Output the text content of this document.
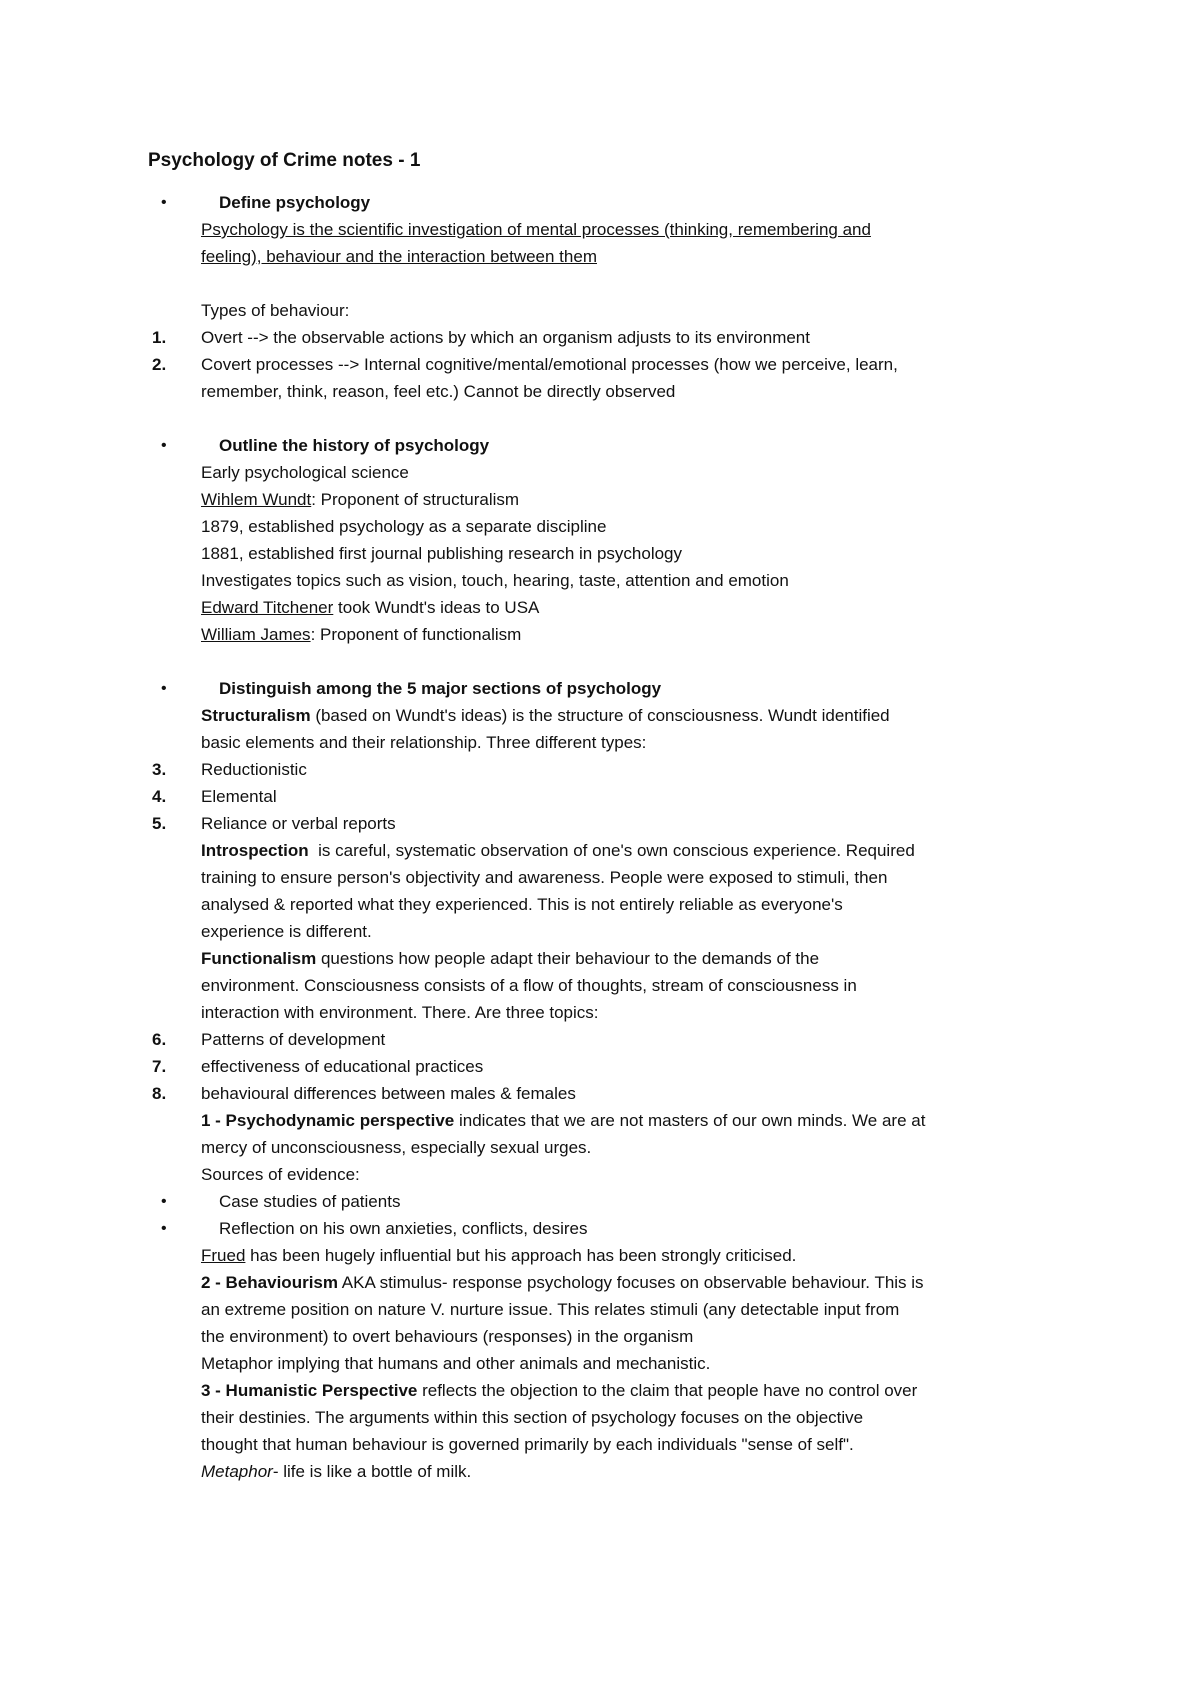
Psychology of Crime notes - 1
•	Define psychology
Psychology is the scientific investigation of mental processes (thinking, remembering and
feeling), behaviour and the interaction between them
Types of behaviour:
1. Overt --> the observable actions by which an organism adjusts to its environment
2. Covert processes --> Internal cognitive/mental/emotional processes (how we perceive, learn,
remember, think, reason, feel etc.) Cannot be directly observed
•	Outline the history of psychology
Early psychological science
Wihlem Wundt: Proponent of structuralism
1879, established psychology as a separate discipline
1881, established first journal publishing research in psychology
Investigates topics such as vision, touch, hearing, taste, attention and emotion
Edward Titchener took Wundt's ideas to USA
William James: Proponent of functionalism
•	Distinguish among the 5 major sections of psychology
Structuralism (based on Wundt's ideas) is the structure of consciousness. Wundt identified
basic elements and their relationship. Three different types:
3. Reductionistic
4. Elemental
5. Reliance or verbal reports
Introspection  is careful, systematic observation of one's own conscious experience. Required
training to ensure person's objectivity and awareness. People were exposed to stimuli, then
analysed & reported what they experienced. This is not entirely reliable as everyone's
experience is different.
Functionalism questions how people adapt their behaviour to the demands of the
environment. Consciousness consists of a flow of thoughts, stream of consciousness in
interaction with environment. There. Are three topics:
6. Patterns of development
7. effectiveness of educational practices
8. behavioural differences between males & females
1 - Psychodynamic perspective indicates that we are not masters of our own minds. We are at
mercy of unconsciousness, especially sexual urges.
Sources of evidence:
•	Case studies of patients
•	Reflection on his own anxieties, conflicts, desires
Frued has been hugely influential but his approach has been strongly criticised.
2 - Behaviourism AKA stimulus- response psychology focuses on observable behaviour. This is
an extreme position on nature V. nurture issue. This relates stimuli (any detectable input from
the environment) to overt behaviours (responses) in the organism
Metaphor implying that humans and other animals and mechanistic.
3 - Humanistic Perspective reflects the objection to the claim that people have no control over
their destinies. The arguments within this section of psychology focuses on the objective
thought that human behaviour is governed primarily by each individuals "sense of self".
Metaphor- life is like a bottle of milk.
